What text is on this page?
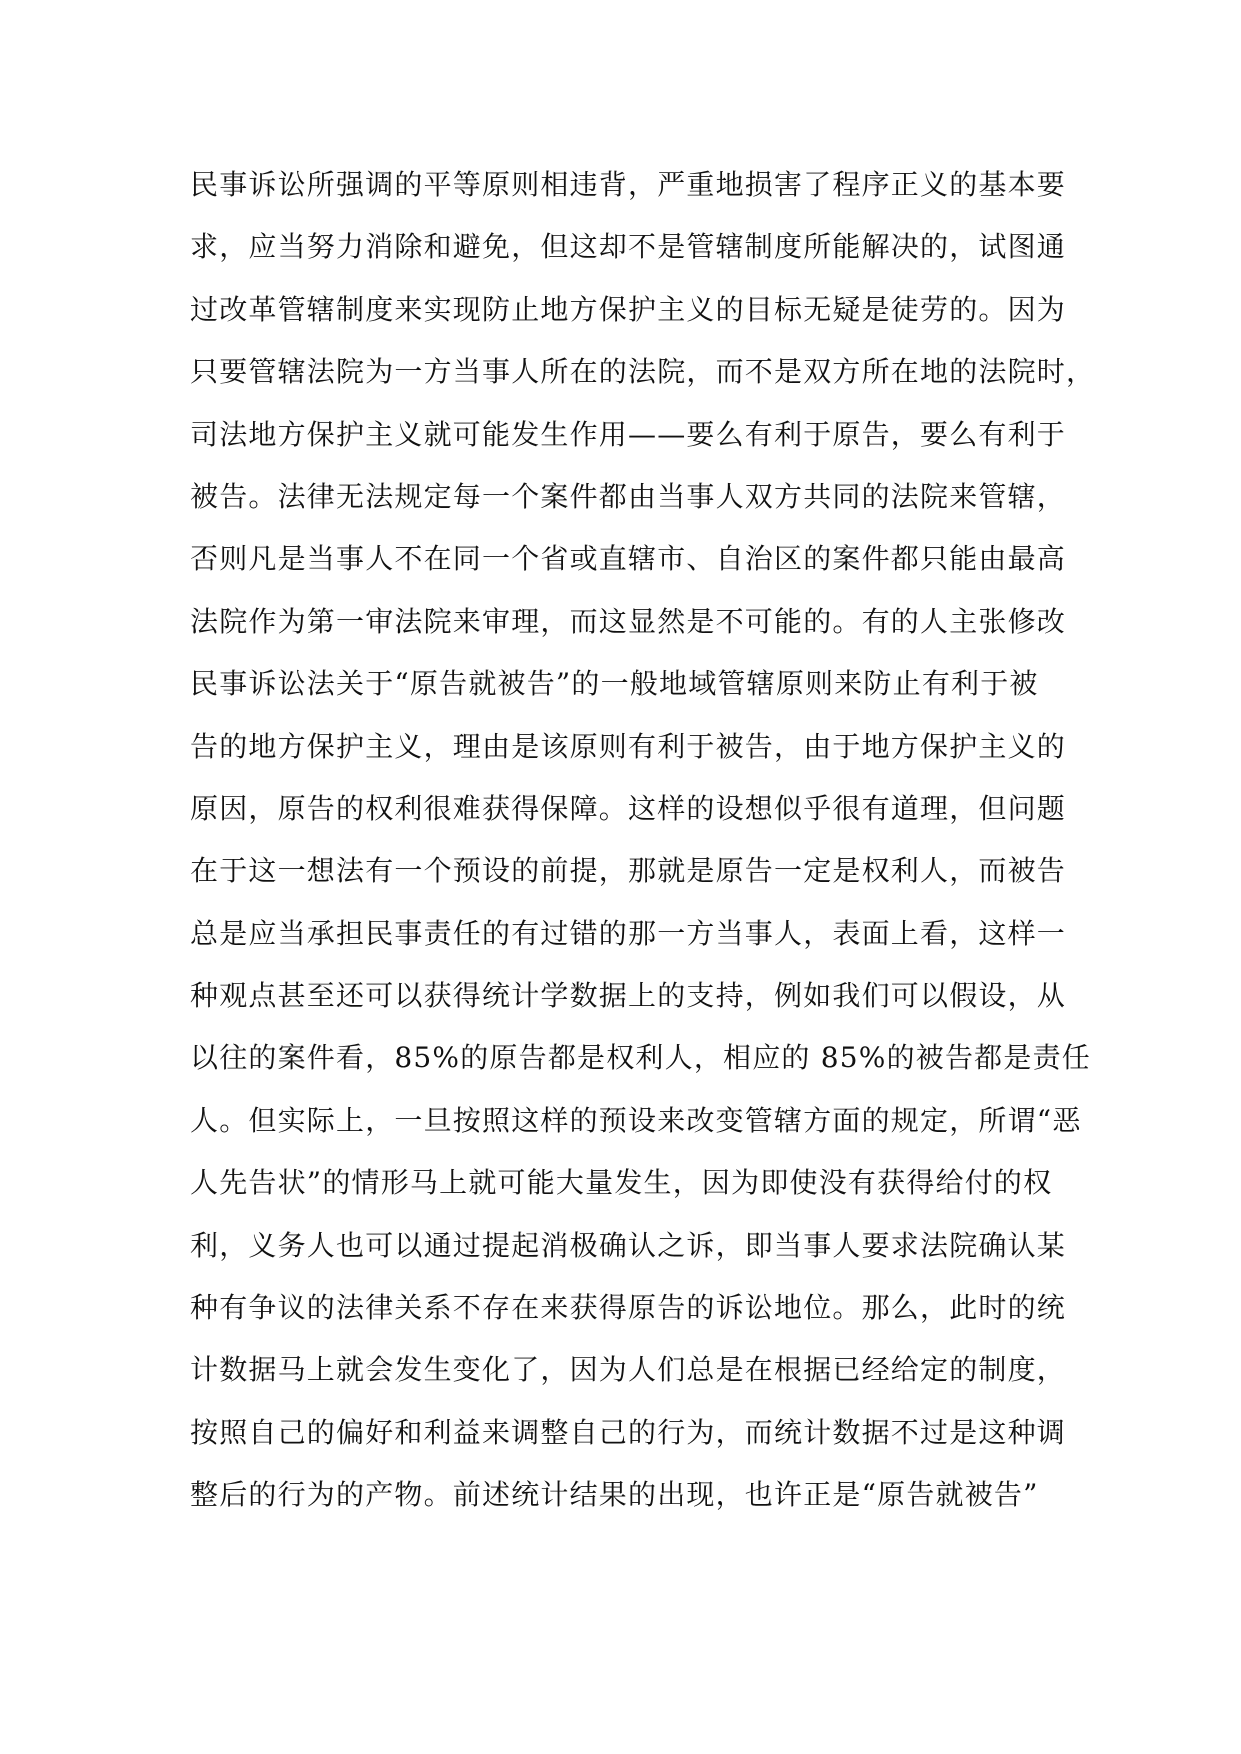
民事诉讼所强调的平等原则相违背，严重地损害了程序正义的基本要
求，应当努力消除和避免，但这却不是管辖制度所能解决的，试图通
过改革管辖制度来实现防止地方保护主义的目标无疑是徒劳的。因为
只要管辖法院为一方当事人所在的法院，而不是双方所在地的法院时，
司法地方保护主义就可能发生作用——要么有利于原告，要么有利于
被告。法律无法规定每一个案件都由当事人双方共同的法院来管辖，
否则凡是当事人不在同一个省或直辖市、自治区的案件都只能由最高
法院作为第一审法院来审理，而这显然是不可能的。有的人主张修改
民事诉讼法关于“原告就被告”的一般地域管辖原则来防止有利于被
告的地方保护主义，理由是该原则有利于被告，由于地方保护主义的
原因，原告的权利很难获得保障。这样的设想似乎很有道理，但问题
在于这一想法有一个预设的前提，那就是原告一定是权利人，而被告
总是应当承担民事责任的有过错的那一方当事人，表面上看，这样一
种观点甚至还可以获得统计学数据上的支持，例如我们可以假设，从
以往的案件看，85%的原告都是权利人，相应的 85%的被告都是责任
人。但实际上，一旦按照这样的预设来改变管辖方面的规定，所谓“恶
人先告状”的情形马上就可能大量发生，因为即使没有获得给付的权
利，义务人也可以通过提起消极确认之诉，即当事人要求法院确认某
种有争议的法律关系不存在来获得原告的诉讼地位。那么，此时的统
计数据马上就会发生变化了，因为人们总是在根据已经给定的制度，
按照自己的偏好和利益来调整自己的行为，而统计数据不过是这种调
整后的行为的产物。前述统计结果的出现，也许正是“原告就被告”
